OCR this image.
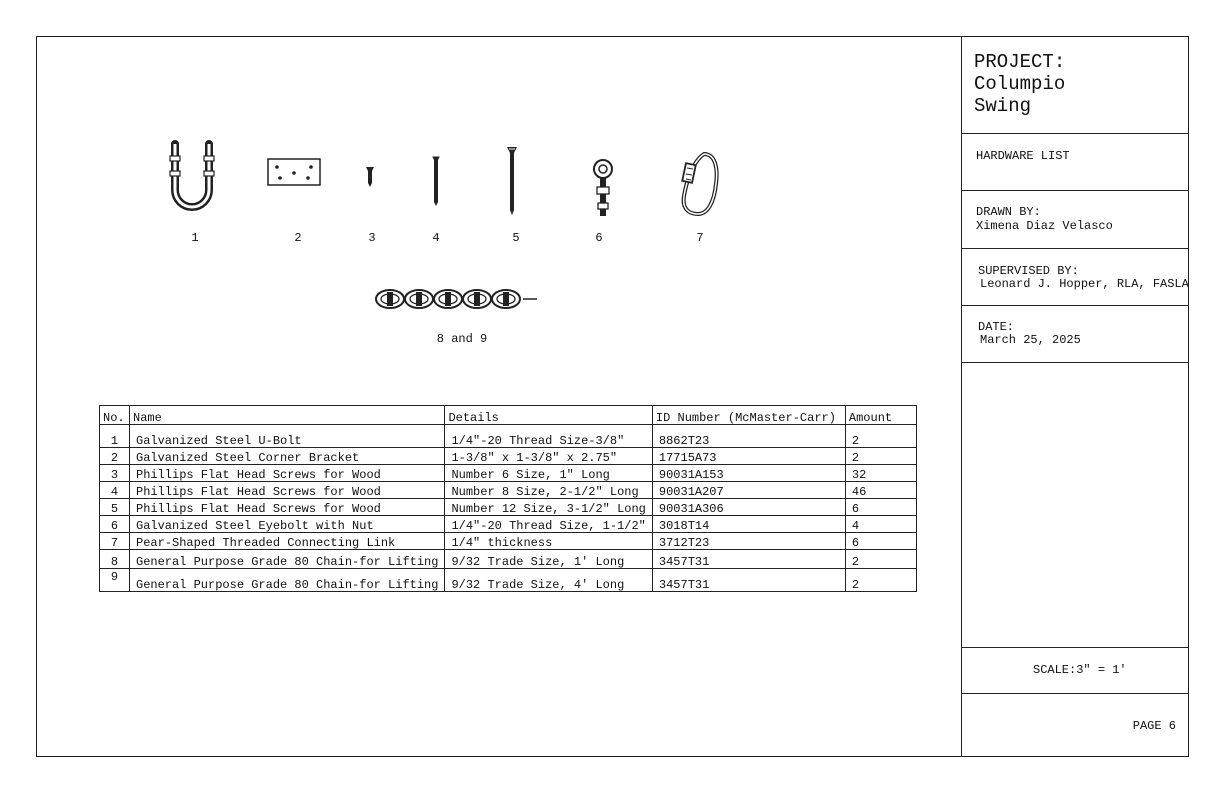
PROJECT:
Columpio Swing
HARDWARE LIST
DRAWN BY:
Ximena Diaz Velasco
SUPERVISED BY:
Leonard J. Hopper, RLA, FASLA
DATE:
March 25, 2025
SCALE:3" = 1'
PAGE 6
1	2	3	4	5	6	7
8 and 9
No.	Name	Details	ID Number (McMaster-Carr)	Amount
1	Galvanized Steel U-Bolt	1/4"-20 Thread Size-3/8"	8862T23	2
2	Galvanized Steel Corner Bracket	1-3/8" x 1-3/8" x 2.75"	17715A73	2
3	Phillips Flat Head Screws for Wood	Number 6 Size, 1" Long	90031A153	32
4	Phillips Flat Head Screws for Wood	Number 8 Size, 2-1/2" Long	90031A207	46
5	Phillips Flat Head Screws for Wood	Number 12 Size, 3-1/2" Long	90031A306	6
6	Galvanized Steel Eyebolt with Nut	1/4"-20 Thread Size, 1-1/2"	3018T14	4
7	Pear-Shaped Threaded Connecting Link	1/4" thickness	3712T23	6
8	General Purpose Grade 80 Chain-for Lifting	9/32 Trade Size, 1' Long	3457T31	2
9	General Purpose Grade 80 Chain-for Lifting	9/32 Trade Size, 4' Long	3457T31	2
